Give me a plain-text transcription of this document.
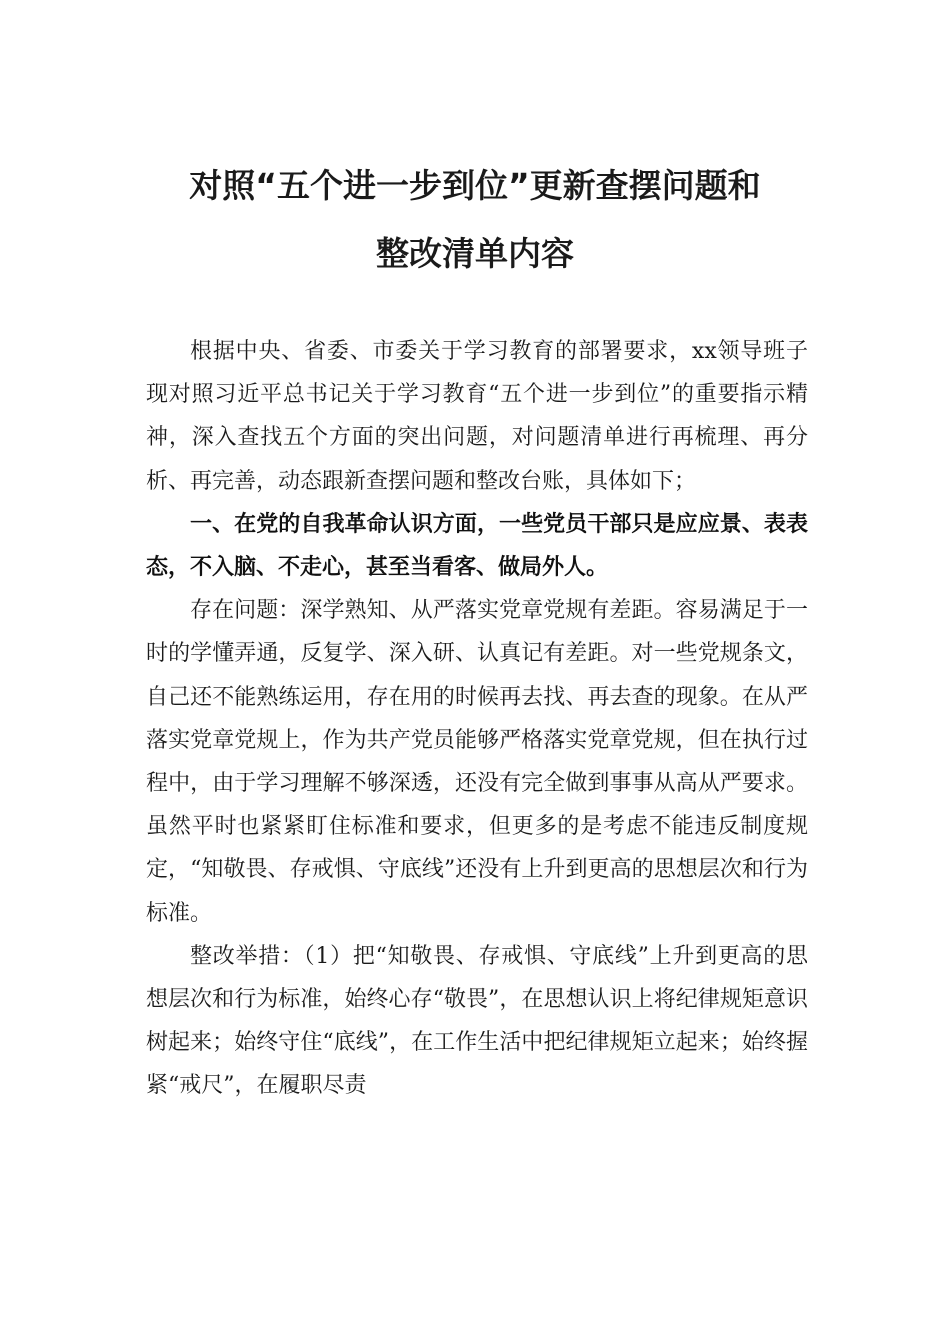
对照“五个进一步到位”更新查摆问题和
整改清单内容

根据中央、省委、市委关于学习教育的部署要求，xx领导班子现对照习近平总书记关于学习教育“五个进一步到位”的重要指示精神，深入查找五个方面的突出问题，对问题清单进行再梳理、再分析、再完善，动态跟新查摆问题和整改台账，具体如下；

一、在党的自我革命认识方面，一些党员干部只是应应景、表表态，不入脑、不走心，甚至当看客、做局外人。

存在问题：深学熟知、从严落实党章党规有差距。容易满足于一时的学懂弄通，反复学、深入研、认真记有差距。对一些党规条文，自己还不能熟练运用，存在用的时候再去找、再去查的现象。在从严落实党章党规上，作为共产党员能够严格落实党章党规，但在执行过程中，由于学习理解不够深透，还没有完全做到事事从高从严要求。虽然平时也紧紧盯住标准和要求，但更多的是考虑不能违反制度规定，“知敬畏、存戒惧、守底线”还没有上升到更高的思想层次和行为标准。

整改举措：（1）把“知敬畏、存戒惧、守底线”上升到更高的思想层次和行为标准，始终心存“敬畏”，在思想认识上将纪律规矩意识树起来；始终守住“底线”，在工作生活中把纪律规矩立起来；始终握紧“戒尺”，在履职尽责
